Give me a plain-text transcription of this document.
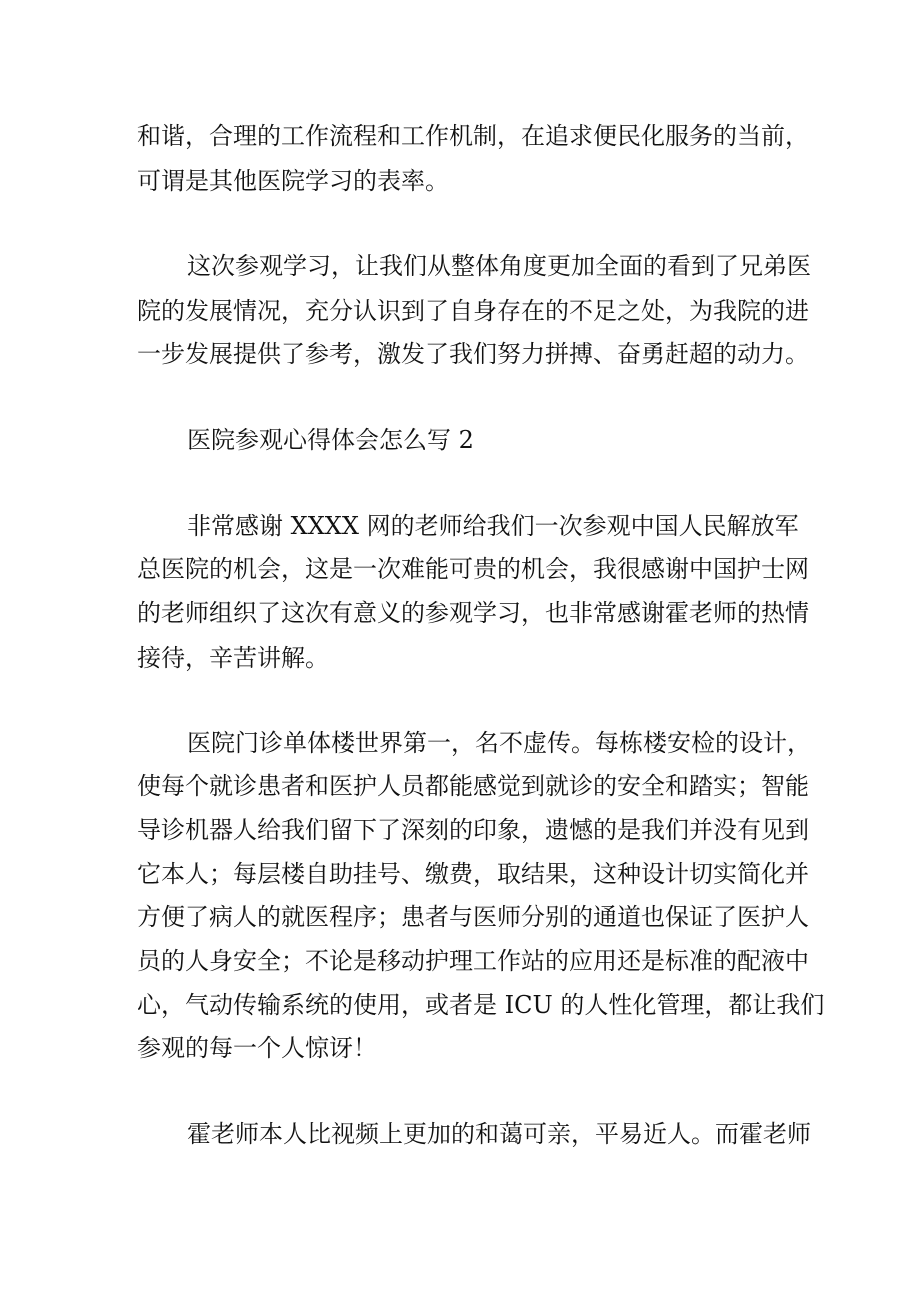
和谐，合理的工作流程和工作机制，在追求便民化服务的当前，

可谓是其他医院学习的表率。

这次参观学习，让我们从整体角度更加全面的看到了兄弟医

院的发展情况，充分认识到了自身存在的不足之处，为我院的进

一步发展提供了参考，激发了我们努力拼搏、奋勇赶超的动力。

医院参观心得体会怎么写 2

非常感谢 XXXX 网的老师给我们一次参观中国人民解放军

总医院的机会，这是一次难能可贵的机会，我很感谢中国护士网

的老师组织了这次有意义的参观学习，也非常感谢霍老师的热情

接待，辛苦讲解。

医院门诊单体楼世界第一，名不虚传。每栋楼安检的设计，

使每个就诊患者和医护人员都能感觉到就诊的安全和踏实；智能

导诊机器人给我们留下了深刻的印象，遗憾的是我们并没有见到

它本人；每层楼自助挂号、缴费，取结果，这种设计切实简化并

方便了病人的就医程序；患者与医师分别的通道也保证了医护人

员的人身安全；不论是移动护理工作站的应用还是标准的配液中

心，气动传输系统的使用，或者是 ICU 的人性化管理，都让我们

参观的每一个人惊讶！

霍老师本人比视频上更加的和蔼可亲，平易近人。而霍老师
